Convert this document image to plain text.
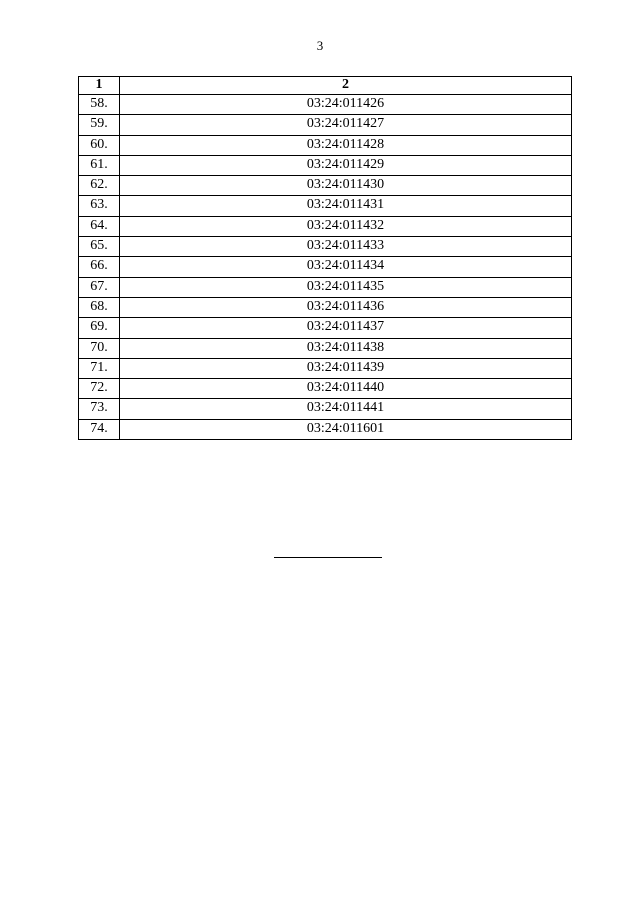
3
1	2
58.	03:24:011426
59.	03:24:011427
60.	03:24:011428
61.	03:24:011429
62.	03:24:011430
63.	03:24:011431
64.	03:24:011432
65.	03:24:011433
66.	03:24:011434
67.	03:24:011435
68.	03:24:011436
69.	03:24:011437
70.	03:24:011438
71.	03:24:011439
72.	03:24:011440
73.	03:24:011441
74.	03:24:011601
